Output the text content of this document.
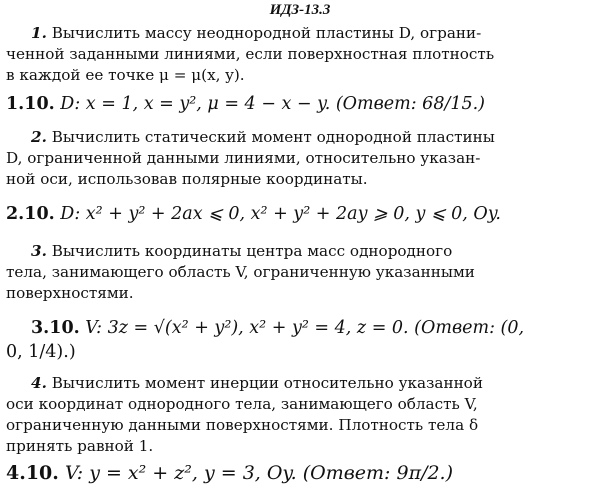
ИДЗ-13.3
1. Вычислить массу неоднородной пластины D, ограни-
ченной заданными линиями, если поверхностная плотность
в каждой ее точке μ = μ(x, y).
1.10. D: x = 1, x = y², μ = 4 − x − y. (Ответ: 68/15.)
2. Вычислить статический момент однородной пластины
D, ограниченной данными линиями, относительно указан-
ной оси, использовав полярные координаты.
2.10. D: x² + y² + 2ax ⩽ 0, x² + y² + 2ay ⩾ 0, y ⩽ 0, Oy.
3. Вычислить координаты центра масс однородного
тела, занимающего область V, ограниченную указанными
поверхностями.
3.10. V: 3z = √(x² + y²), x² + y² = 4, z = 0. (Ответ: (0,
0, 1/4).)
4. Вычислить момент инерции относительно указанной
оси координат однородного тела, занимающего область V,
ограниченную данными поверхностями. Плотность тела δ
принять равной 1.
4.10. V: y = x² + z², y = 3, Oy. (Ответ: 9π/2.)
